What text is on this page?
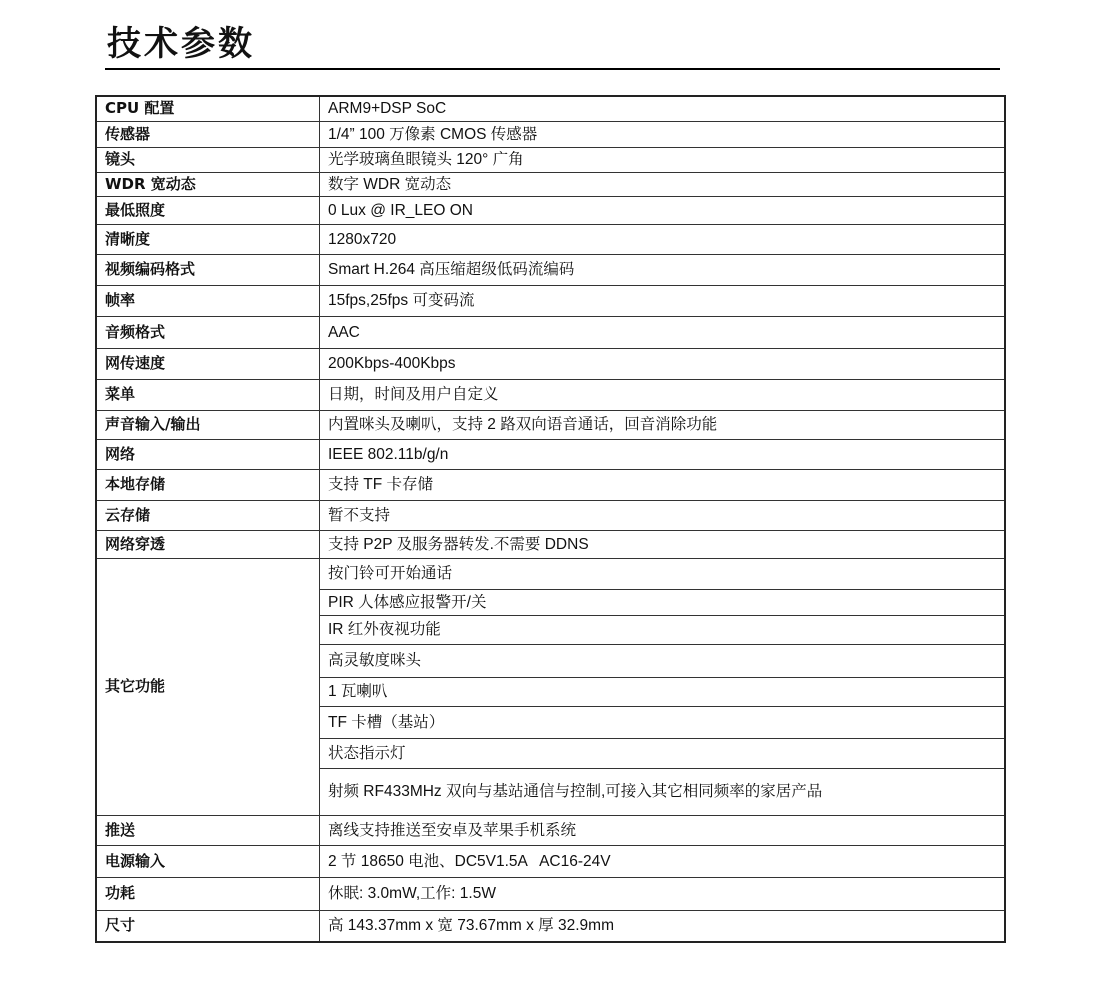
技术参数
CPU 配置	ARM9+DSP SoC
传感器	1/4” 100 万像素 CMOS 传感器
镜头	光学玻璃鱼眼镜头 120° 广角
WDR 宽动态	数字 WDR 宽动态
最低照度	0 Lux @ IR_LEO ON
清晰度	1280x720
视频编码格式	Smart H.264 高压缩超级低码流编码
帧率	15fps,25fps 可变码流
音频格式	AAC
网传速度	200Kbps-400Kbps
菜单	日期，时间及用户自定义
声音输入/输出	内置咪头及喇叭，支持 2 路双向语音通话，回音消除功能
网络	IEEE 802.11b/g/n
本地存储	支持 TF 卡存储
云存储	暂不支持
网络穿透	支持 P2P 及服务器转发.不需要 DDNS
其它功能	按门铃可开始通话
	PIR 人体感应报警开/关
	IR 红外夜视功能
	高灵敏度咪头
	1 瓦喇叭
	TF 卡槽（基站）
	状态指示灯
	射频 RF433MHz 双向与基站通信与控制,可接入其它相同频率的家居产品
推送	离线支持推送至安卓及苹果手机系统
电源输入	2 节 18650 电池、DC5V1.5A   AC16-24V
功耗	休眠: 3.0mW,工作: 1.5W
尺寸	高 143.37mm x 宽 73.67mm x 厚 32.9mm
